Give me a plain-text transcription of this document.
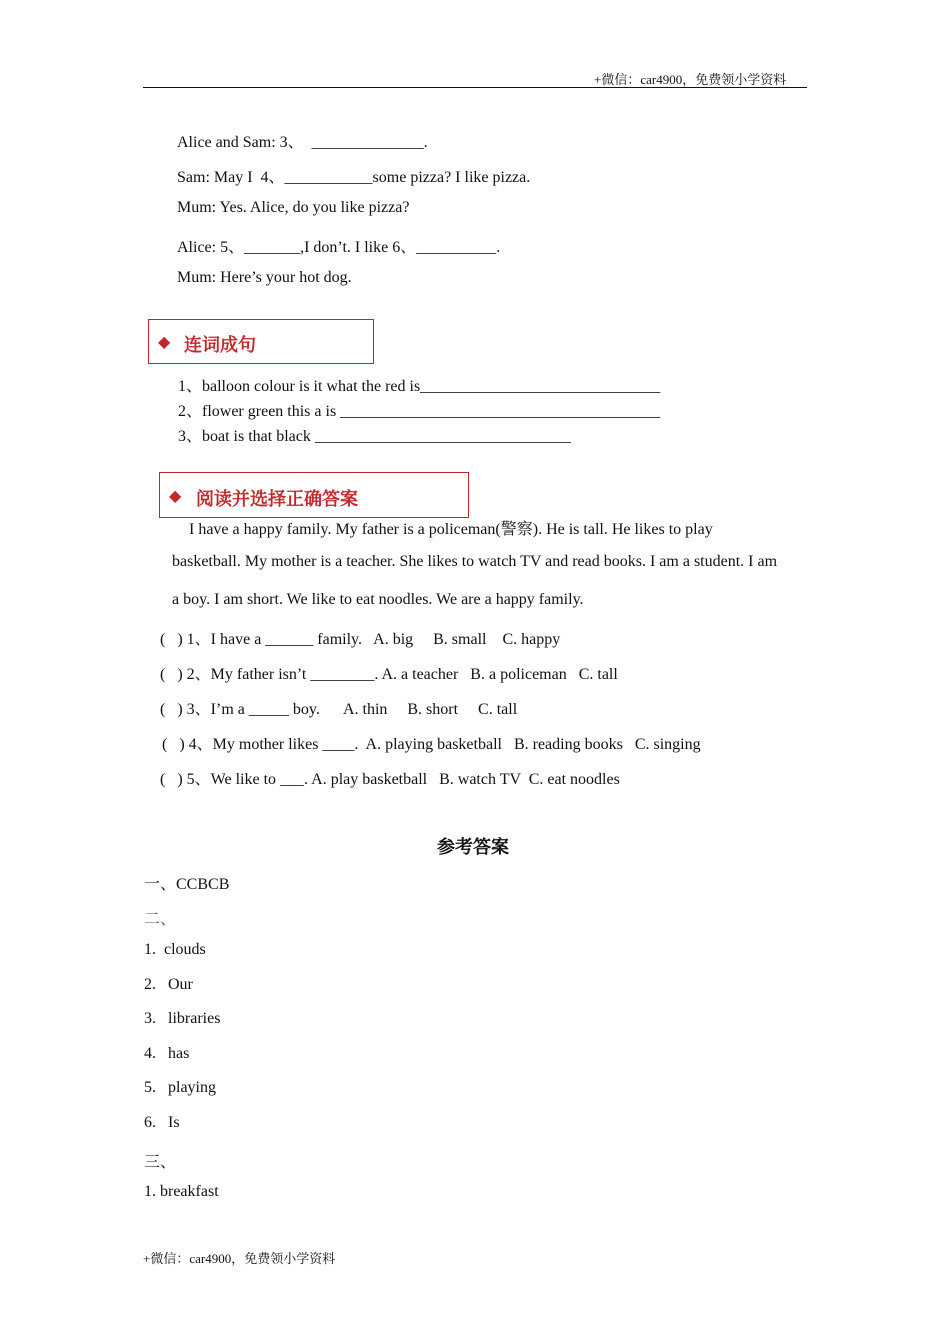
+微信：car4900，免费领小学资料
Alice and Sam: 3、  ______________.
Sam: May I  4、___________some pizza? I like pizza.
Mum: Yes. Alice, do you like pizza?
Alice: 5、_______,I don’t. I like 6、__________.
Mum: Here’s your hot dog.
◆ 连词成句
1、balloon colour is it what the red is______________________________
2、flower green this a is ________________________________________
3、boat is that black ________________________________
◆ 阅读并选择正确答案
I have a happy family. My father is a policeman(警察). He is tall. He likes to play
basketball. My mother is a teacher. She likes to watch TV and read books. I am a student. I am
a boy. I am short. We like to eat noodles. We are a happy family.
(   ) 1、I have a ______ family.   A. big     B. small    C. happy
(   ) 2、My father isn’t ________. A. a teacher   B. a policeman   C. tall
(   ) 3、I’m a _____ boy.      A. thin     B. short     C. tall
(   ) 4、My mother likes ____.  A. playing basketball   B. reading books   C. singing
(   ) 5、We like to ___. A. play basketball   B. watch TV  C. eat noodles
参考答案
一、CCBCB
二、
1.  clouds
2.   Our
3.   libraries
4.   has
5.   playing
6.   Is
三、
1. breakfast
+微信：car4900，免费领小学资料
